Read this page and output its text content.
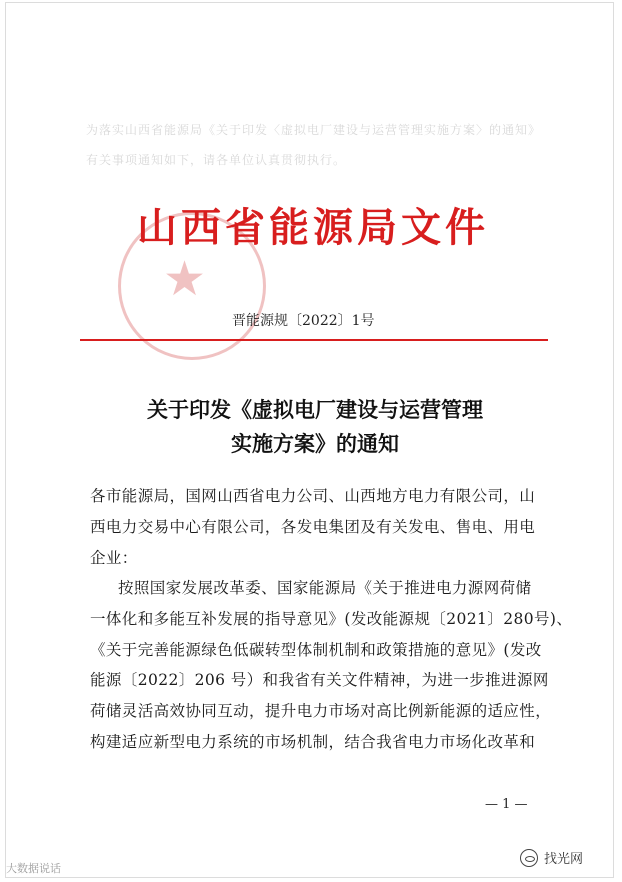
为落实山西省能源局《关于印发〈虚拟电厂建设与运营管理实施方案〉的通知》
有关事项通知如下，请各单位认真贯彻执行。
★
山西省能源局文件
晋能源规〔2022〕1号
关于印发《虚拟电厂建设与运营管理
实施方案》的通知
各市能源局，国网山西省电力公司、山西地方电力有限公司，山
西电力交易中心有限公司，各发电集团及有关发电、售电、用电
企业：
按照国家发展改革委、国家能源局《关于推进电力源网荷储
一体化和多能互补发展的指导意见》(发改能源规〔2021〕280号)、
《关于完善能源绿色低碳转型体制机制和政策措施的意见》(发改
能源〔2022〕206 号）和我省有关文件精神，为进一步推进源网
荷储灵活高效协同互动，提升电力市场对高比例新能源的适应性，
构建适应新型电力系统的市场机制，结合我省电力市场化改革和
— 1 —
大数据说话
找光网
